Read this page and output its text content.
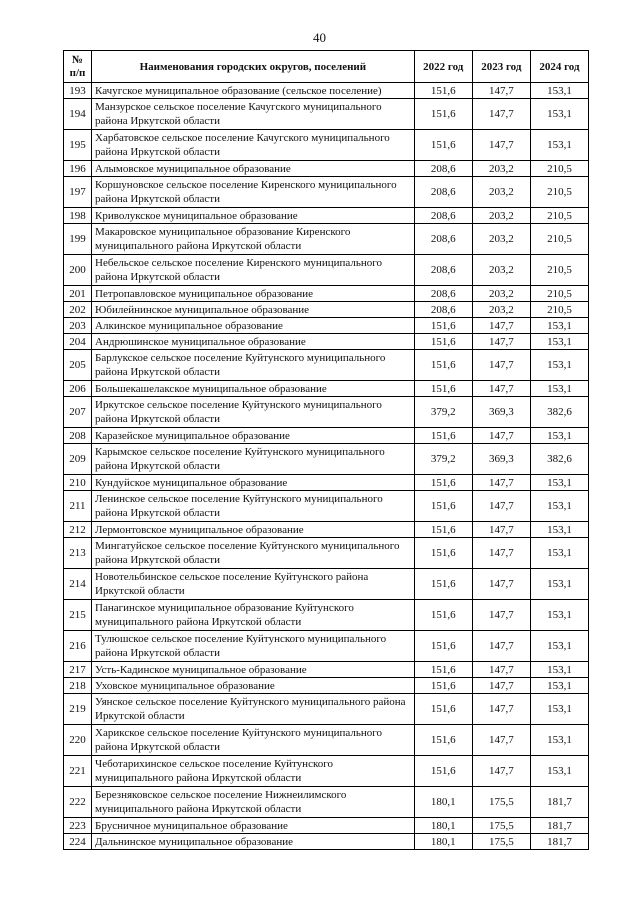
40
№
п/п	Наименования городских округов, поселений	2022 год	2023 год	2024 год
193	Качугское муниципальное образование (сельское поселение)	151,6	147,7	153,1
194	Манзурское сельское поселение Качугского муниципального района Иркутской области	151,6	147,7	153,1
195	Харбатовское сельское поселение Качугского муниципального района Иркутской области	151,6	147,7	153,1
196	Алымовское муниципальное образование	208,6	203,2	210,5
197	Коршуновское сельское поселение Киренского муниципального района Иркутской области	208,6	203,2	210,5
198	Криволукское муниципальное образование	208,6	203,2	210,5
199	Макаровское муниципальное образование Киренского муниципального района Иркутской области	208,6	203,2	210,5
200	Небельское сельское поселение Киренского муниципального района Иркутской области	208,6	203,2	210,5
201	Петропавловское муниципальное образование	208,6	203,2	210,5
202	Юбилейнинское муниципальное образование	208,6	203,2	210,5
203	Алкинское муниципальное образование	151,6	147,7	153,1
204	Андрюшинское муниципальное образование	151,6	147,7	153,1
205	Барлукское сельское поселение Куйтунского муниципального района Иркутской области	151,6	147,7	153,1
206	Большекашелакское муниципальное образование	151,6	147,7	153,1
207	Иркутское сельское поселение Куйтунского муниципального района Иркутской области	379,2	369,3	382,6
208	Каразейское муниципальное образование	151,6	147,7	153,1
209	Карымское сельское поселение Куйтунского муниципального района Иркутской области	379,2	369,3	382,6
210	Кундуйское муниципальное образование	151,6	147,7	153,1
211	Ленинское сельское поселение Куйтунского муниципального района Иркутской области	151,6	147,7	153,1
212	Лермонтовское муниципальное образование	151,6	147,7	153,1
213	Мингатуйское сельское поселение Куйтунского муниципального района Иркутской области	151,6	147,7	153,1
214	Новотельбинское сельское поселение Куйтунского района Иркутской области	151,6	147,7	153,1
215	Панагинское муниципальное образование Куйтунского муниципального района Иркутской области	151,6	147,7	153,1
216	Тулюшское сельское поселение Куйтунского муниципального района Иркутской области	151,6	147,7	153,1
217	Усть-Кадинское муниципальное образование	151,6	147,7	153,1
218	Уховское муниципальное образование	151,6	147,7	153,1
219	Уянское сельское поселение Куйтунского муниципального района Иркутской области	151,6	147,7	153,1
220	Харикское сельское поселение Куйтунского муниципального района Иркутской области	151,6	147,7	153,1
221	Чеботарихинское сельское поселение Куйтунского муниципального района Иркутской области	151,6	147,7	153,1
222	Березняковское сельское поселение Нижнеилимского муниципального района Иркутской области	180,1	175,5	181,7
223	Брусничное муниципальное образование	180,1	175,5	181,7
224	Дальнинское муниципальное образование	180,1	175,5	181,7
